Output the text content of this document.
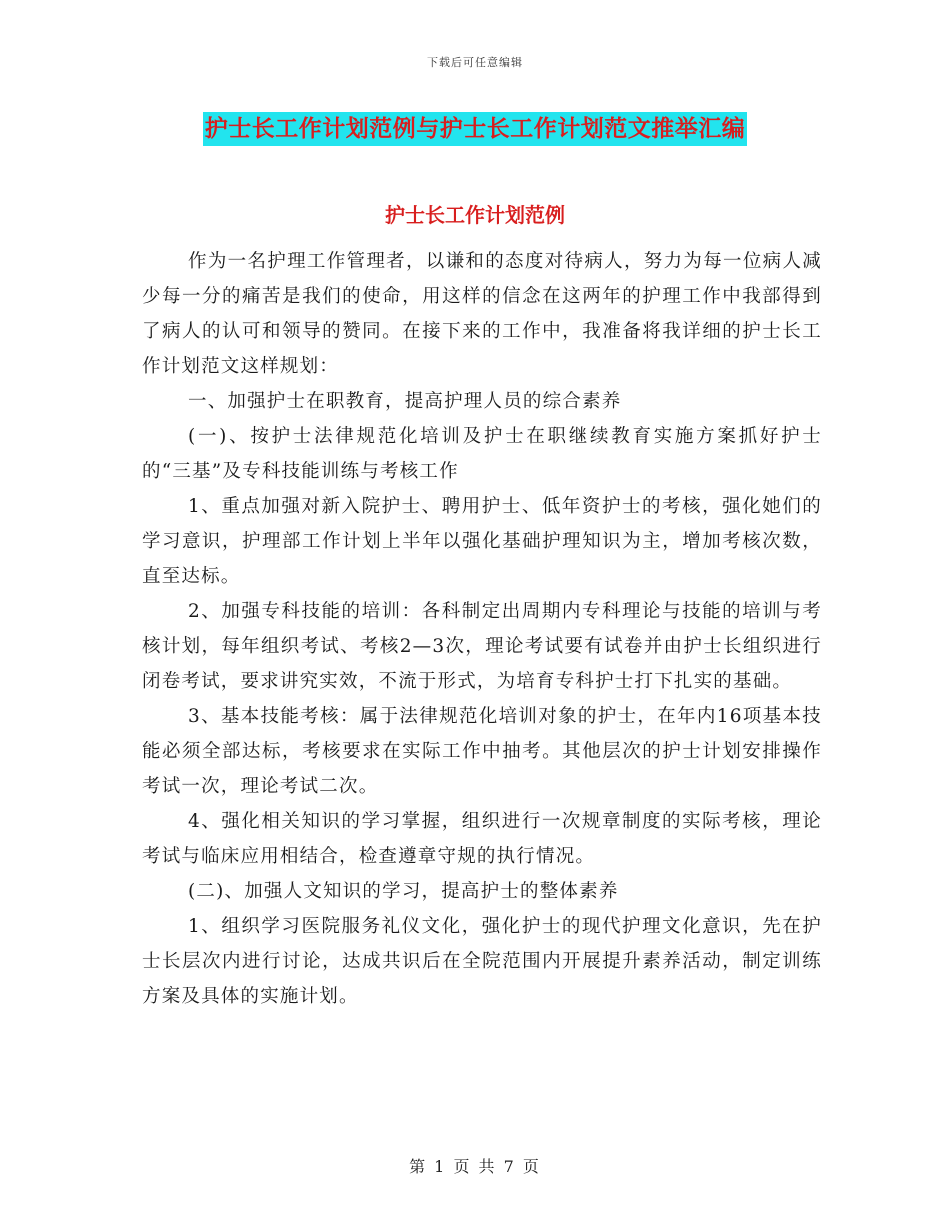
下载后可任意编辑
护士长工作计划范例与护士长工作计划范文推举汇编
护士长工作计划范例

作为一名护理工作管理者，以谦和的态度对待病人，努力为每一位病人减少每一分的痛苦是我们的使命，用这样的信念在这两年的护理工作中我部得到了病人的认可和领导的赞同。在接下来的工作中，我准备将我详细的护士长工作计划范文这样规划：

一、加强护士在职教育，提高护理人员的综合素养

(一)、按护士法律规范化培训及护士在职继续教育实施方案抓好护士的“三基”及专科技能训练与考核工作

1、重点加强对新入院护士、聘用护士、低年资护士的考核，强化她们的学习意识，护理部工作计划上半年以强化基础护理知识为主，增加考核次数，直至达标。

2、加强专科技能的培训：各科制定出周期内专科理论与技能的培训与考核计划，每年组织考试、考核2—3次，理论考试要有试卷并由护士长组织进行闭卷考试，要求讲究实效，不流于形式，为培育专科护士打下扎实的基础。

3、基本技能考核：属于法律规范化培训对象的护士，在年内16项基本技能必须全部达标，考核要求在实际工作中抽考。其他层次的护士计划安排操作考试一次，理论考试二次。

4、强化相关知识的学习掌握，组织进行一次规章制度的实际考核，理论考试与临床应用相结合，检查遵章守规的执行情况。

(二)、加强人文知识的学习，提高护士的整体素养

1、组织学习医院服务礼仪文化，强化护士的现代护理文化意识，先在护士长层次内进行讨论，达成共识后在全院范围内开展提升素养活动，制定训练方案及具体的实施计划。

第 1 页 共 7 页
